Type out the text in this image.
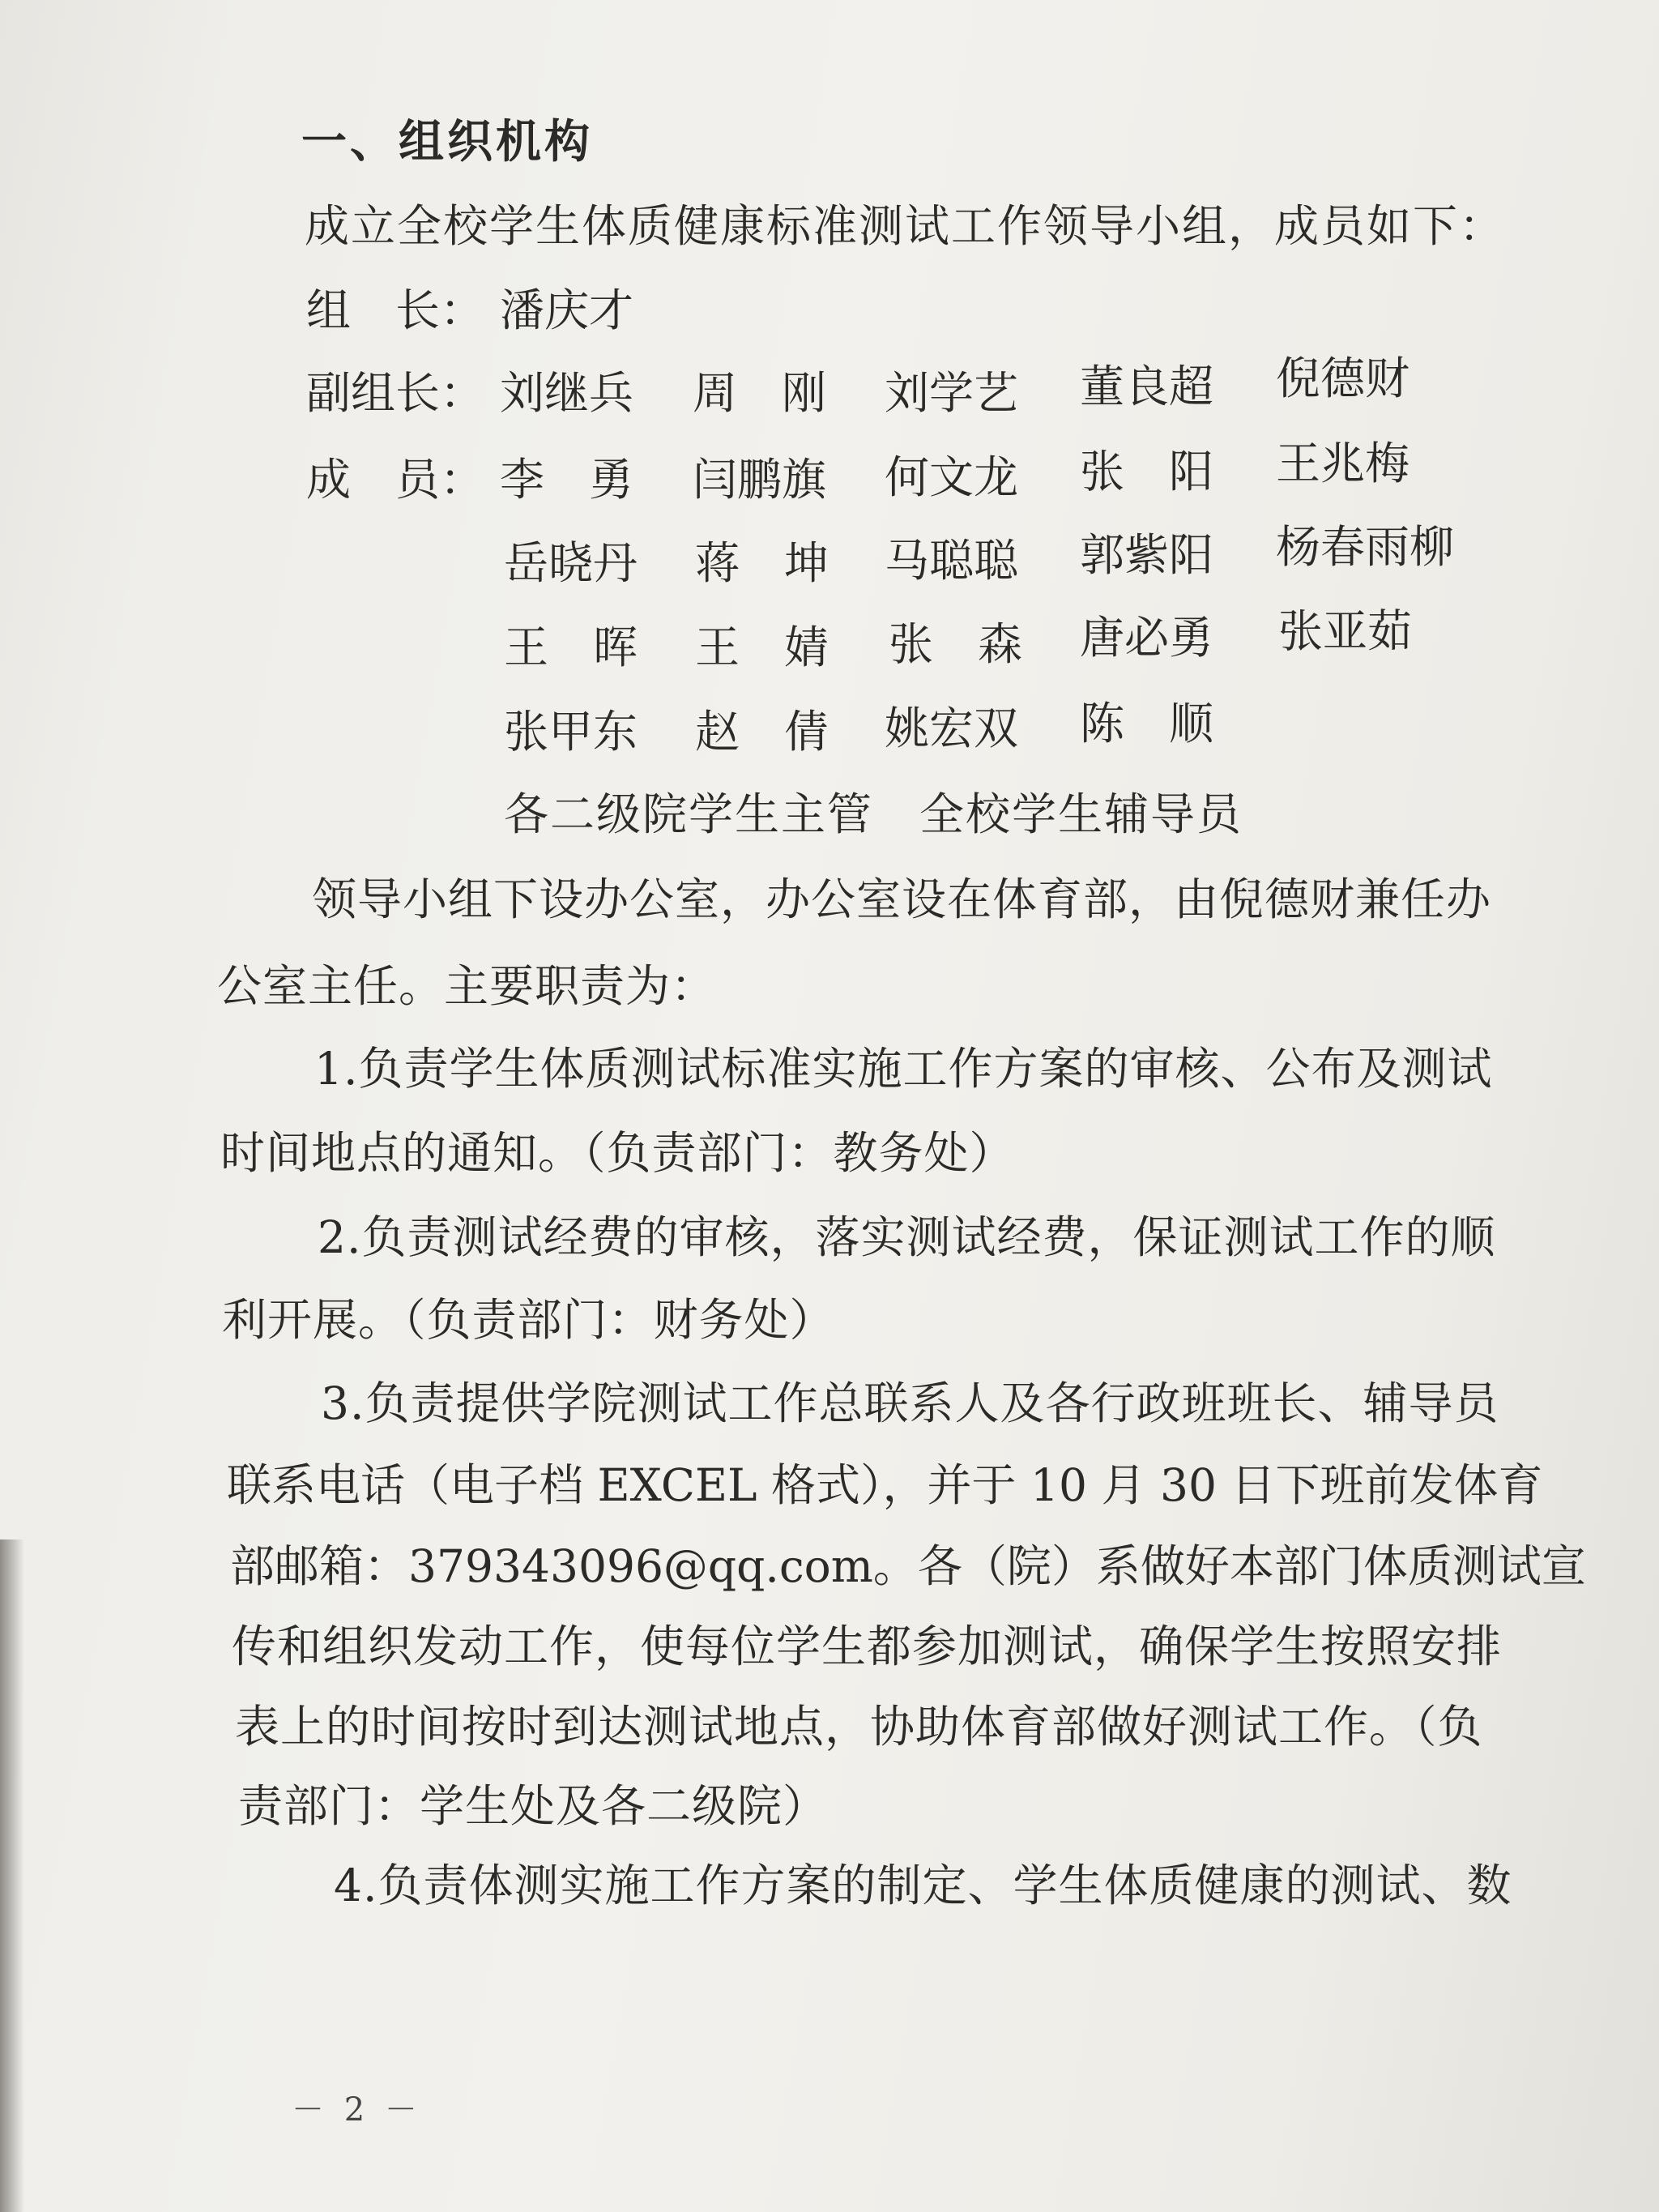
一、组织机构
成立全校学生体质健康标准测试工作领导小组，成员如下：
组　长： 潘庆才
副组长： 刘继兵 周　刚 刘学艺 董良超 倪德财
成　员： 李　勇 闫鹏旗 何文龙 张　阳 王兆梅
岳晓丹 蒋　坤 马聪聪 郭紫阳 杨春雨柳
王　晖 王　婧 张　森 唐必勇 张亚茹
张甲东 赵　倩 姚宏双 陈　顺
各二级院学生主管　全校学生辅导员
领导小组下设办公室，办公室设在体育部，由倪德财兼任办
公室主任。主要职责为：
1.负责学生体质测试标准实施工作方案的审核、公布及测试
时间地点的通知。（负责部门：教务处）
2.负责测试经费的审核，落实测试经费，保证测试工作的顺
利开展。（负责部门：财务处）
3.负责提供学院测试工作总联系人及各行政班班长、辅导员
联系电话（电子档 EXCEL 格式），并于 10 月 30 日下班前发体育
部邮箱：379343096@qq.com。各（院）系做好本部门体质测试宣
传和组织发动工作，使每位学生都参加测试，确保学生按照安排
表上的时间按时到达测试地点，协助体育部做好测试工作。（负
责部门：学生处及各二级院）
4.负责体测实施工作方案的制定、学生体质健康的测试、数
－ 2 －
